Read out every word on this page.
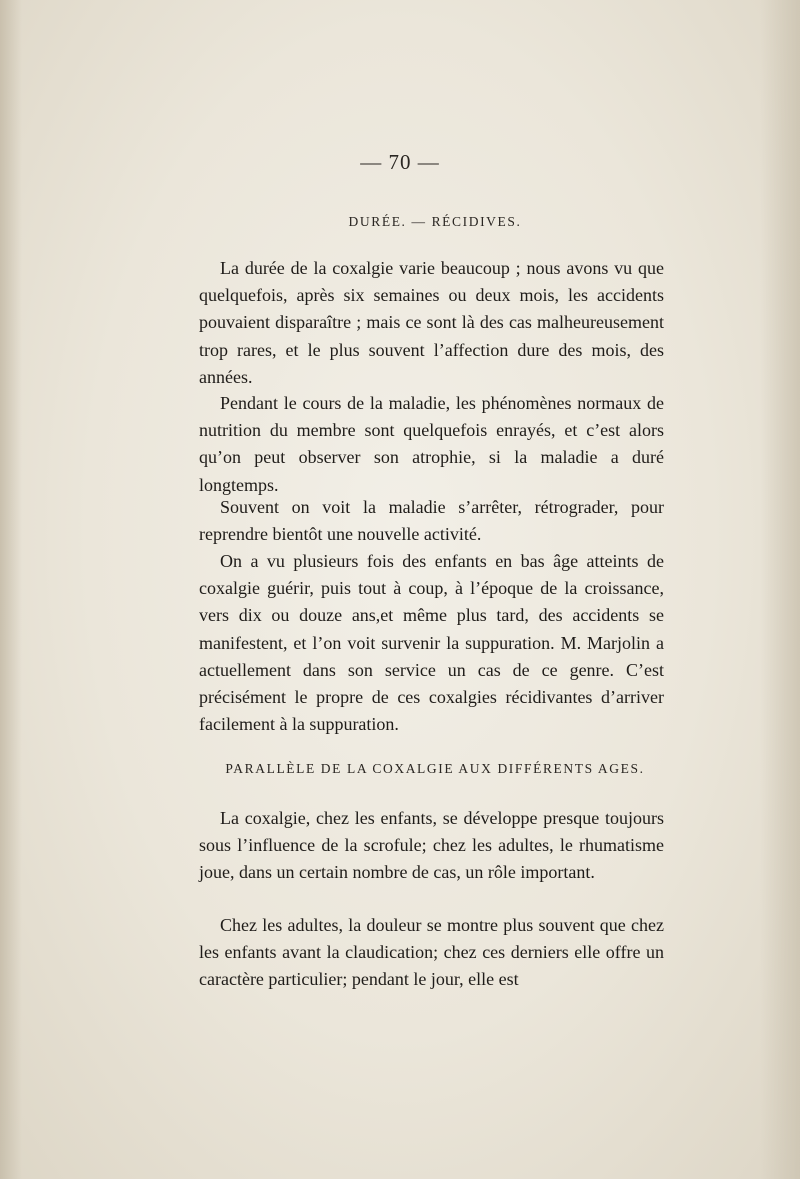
— 70 —
DURÉE. — RÉCIDIVES.

La durée de la coxalgie varie beaucoup ; nous avons vu que quelquefois, après six semaines ou deux mois, les accidents pouvaient disparaître ; mais ce sont là des cas malheureusement trop rares, et le plus souvent l’affection dure des mois, des années.

Pendant le cours de la maladie, les phénomènes normaux de nutrition du membre sont quelquefois enrayés, et c’est alors qu’on peut observer son atrophie, si la maladie a duré longtemps.

Souvent on voit la maladie s’arrêter, rétrograder, pour reprendre bientôt une nouvelle activité.

On a vu plusieurs fois des enfants en bas âge atteints de coxalgie guérir, puis tout à coup, à l’époque de la croissance, vers dix ou douze ans,et même plus tard, des accidents se manifestent, et l’on voit survenir la suppuration. M. Marjolin a actuellement dans son service un cas de ce genre. C’est précisément le propre de ces coxalgies récidivantes d’arriver facilement à la suppuration.

PARALLÈLE DE LA COXALGIE AUX DIFFÉRENTS AGES.

La coxalgie, chez les enfants, se développe presque toujours sous l’influence de la scrofule; chez les adultes, le rhumatisme joue, dans un certain nombre de cas, un rôle important.

Chez les adultes, la douleur se montre plus souvent que chez les enfants avant la claudication; chez ces derniers elle offre un caractère particulier; pendant le jour, elle est
